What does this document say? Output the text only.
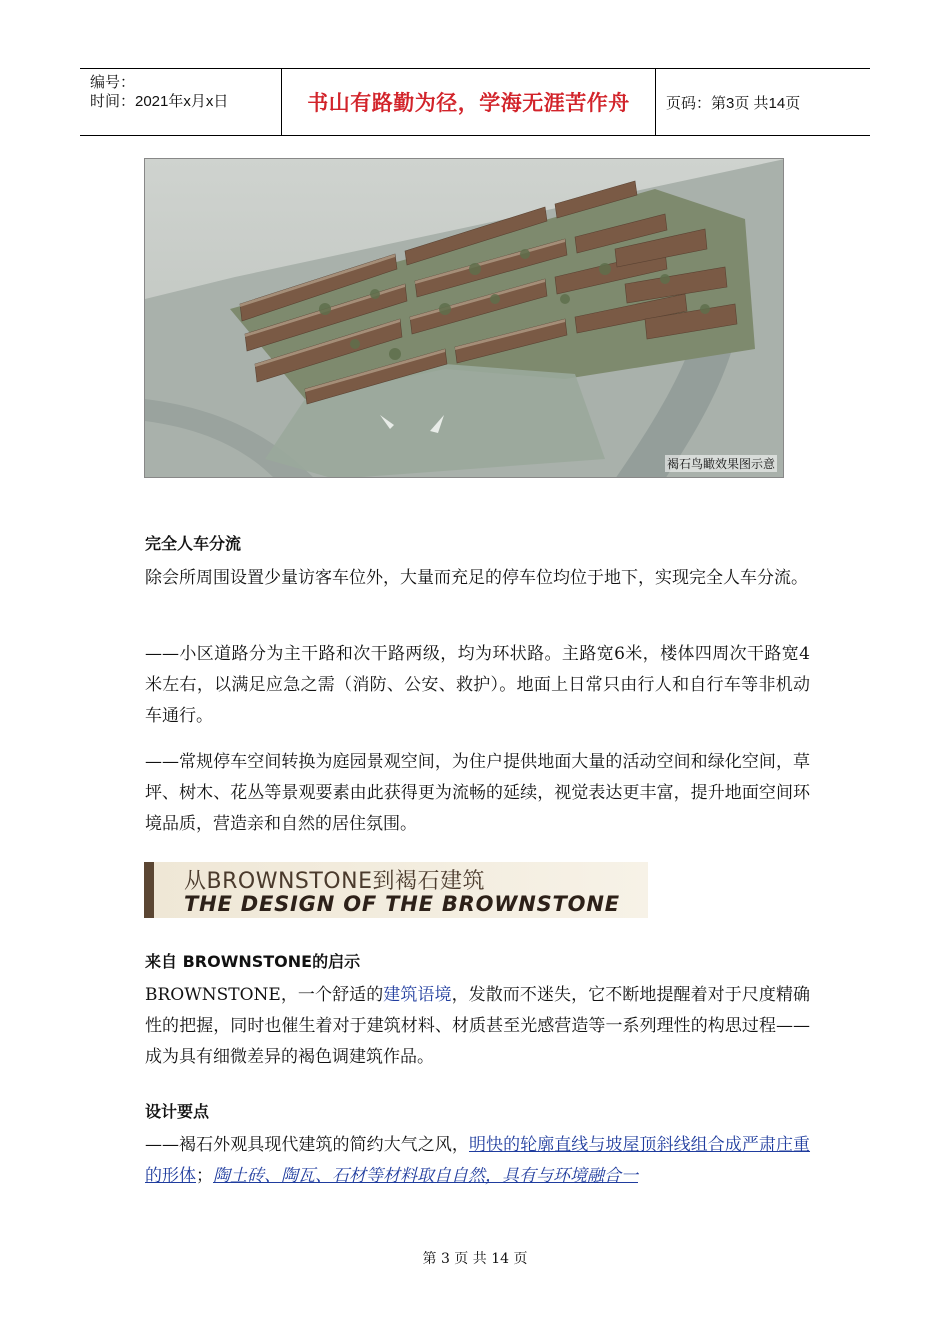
编号：
时间：2021年x月x日	书山有路勤为径，学海无涯苦作舟	页码：第3页 共14页
褐石鸟瞰效果图示意
完全人车分流
除会所周围设置少量访客车位外，大量而充足的停车位均位于地下，实现完全人车分流。
——小区道路分为主干路和次干路两级，均为环状路。主路宽6米，楼体四周次干路宽4米左右，以满足应急之需（消防、公安、救护）。地面上日常只由行人和自行车等非机动车通行。
——常规停车空间转换为庭园景观空间，为住户提供地面大量的活动空间和绿化空间，草坪、树木、花丛等景观要素由此获得更为流畅的延续，视觉表达更丰富，提升地面空间环境品质，营造亲和自然的居住氛围。
从BROWNSTONE到褐石建筑
THE DESIGN OF THE BROWNSTONE
来自 BROWNSTONE的启示
BROWNSTONE，一个舒适的建筑语境，发散而不迷失，它不断地提醒着对于尺度精确性的把握，同时也催生着对于建筑材料、材质甚至光感营造等一系列理性的构思过程——成为具有细微差异的褐色调建筑作品。
设计要点
——褐石外观具现代建筑的简约大气之风，明快的轮廓直线与坡屋顶斜线组合成严肃庄重的形体；陶土砖、陶瓦、石材等材料取自自然，具有与环境融合一
第 3 页 共 14 页
